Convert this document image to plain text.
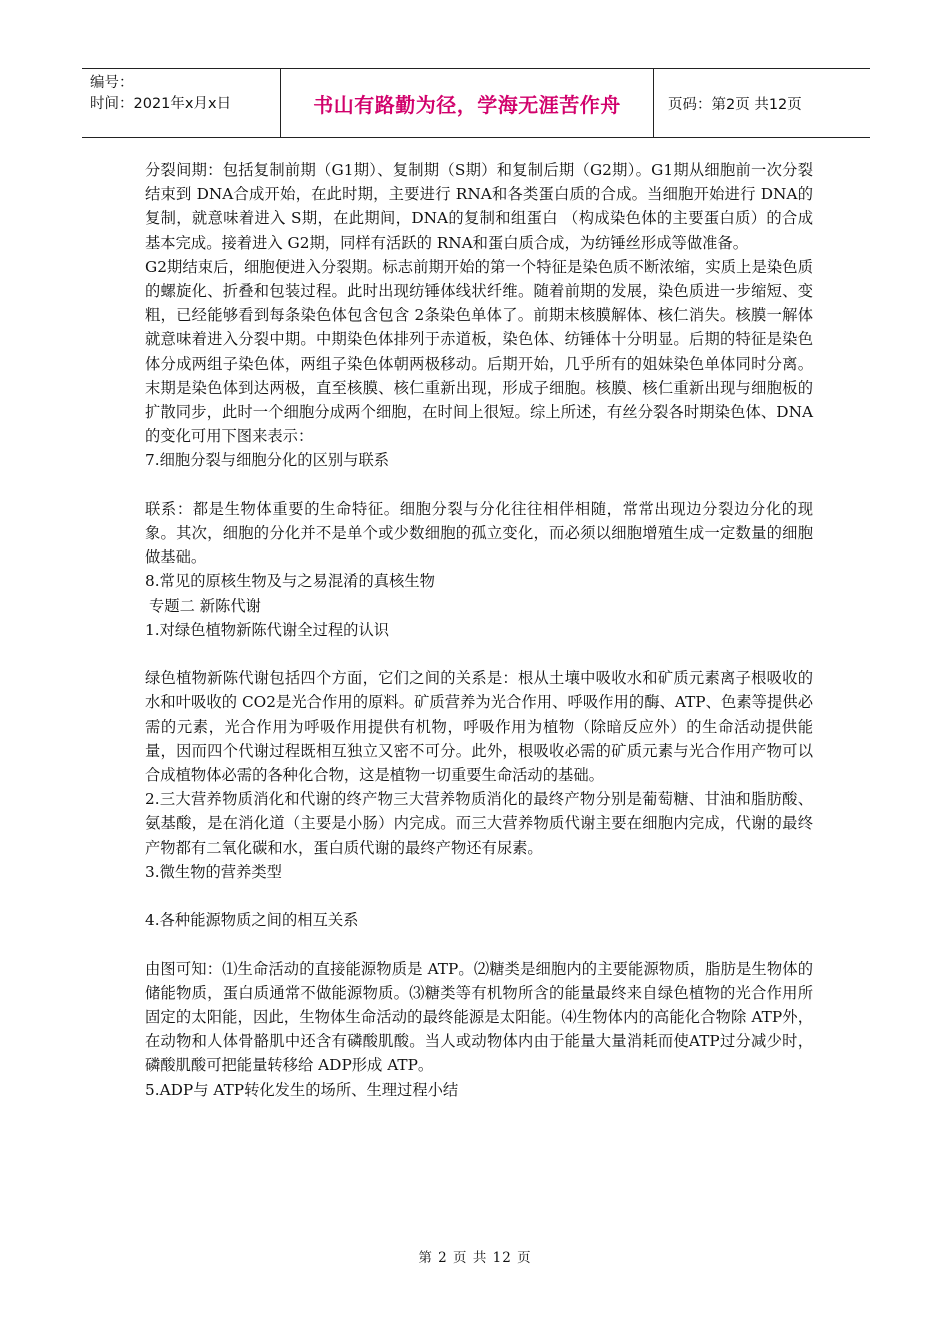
编号：
时间：2021年x月x日	书山有路勤为径，学海无涯苦作舟	页码：第2页 共12页

分裂间期：包括复制前期（G1期）、复制期（S期）和复制后期（G2期）。G1期从细胞前一次分裂结束到 DNA合成开始，在此时期，主要进行 RNA和各类蛋白质的合成。当细胞开始进行 DNA的复制，就意味着进入 S期，在此期间，DNA的复制和组蛋白 （构成染色体的主要蛋白质）的合成基本完成。接着进入 G2期，同样有活跃的 RNA和蛋白质合成，为纺锤丝形成等做准备。

G2期结束后，细胞便进入分裂期。标志前期开始的第一个特征是染色质不断浓缩，实质上是染色质的螺旋化、折叠和包装过程。此时出现纺锤体线状纤维。随着前期的发展，染色质进一步缩短、变粗，已经能够看到每条染色体包含包含 2条染色单体了。前期末核膜解体、核仁消失。核膜一解体就意味着进入分裂中期。中期染色体排列于赤道板，染色体、纺锤体十分明显。后期的特征是染色体分成两组子染色体，两组子染色体朝两极移动。后期开始，几乎所有的姐妹染色单体同时分离。末期是染色体到达两极，直至核膜、核仁重新出现，形成子细胞。核膜、核仁重新出现与细胞板的扩散同步，此时一个细胞分成两个细胞，在时间上很短。综上所述，有丝分裂各时期染色体、DNA的变化可用下图来表示：

7.细胞分裂与细胞分化的区别与联系

联系：都是生物体重要的生命特征。细胞分裂与分化往往相伴相随，常常出现边分裂边分化的现象。其次，细胞的分化并不是单个或少数细胞的孤立变化，而必须以细胞增殖生成一定数量的细胞做基础。

8.常见的原核生物及与之易混淆的真核生物

专题二 新陈代谢

1.对绿色植物新陈代谢全过程的认识

绿色植物新陈代谢包括四个方面，它们之间的关系是：根从土壤中吸收水和矿质元素离子根吸收的水和叶吸收的 CO2是光合作用的原料。矿质营养为光合作用、呼吸作用的酶、ATP、色素等提供必需的元素，光合作用为呼吸作用提供有机物，呼吸作用为植物（除暗反应外）的生命活动提供能量，因而四个代谢过程既相互独立又密不可分。此外，根吸收必需的矿质元素与光合作用产物可以合成植物体必需的各种化合物，这是植物一切重要生命活动的基础。

2.三大营养物质消化和代谢的终产物三大营养物质消化的最终产物分别是葡萄糖、甘油和脂肪酸、氨基酸，是在消化道（主要是小肠）内完成。而三大营养物质代谢主要在细胞内完成，代谢的最终产物都有二氧化碳和水，蛋白质代谢的最终产物还有尿素。

3.微生物的营养类型

4.各种能源物质之间的相互关系

由图可知：⑴生命活动的直接能源物质是 ATP。⑵糖类是细胞内的主要能源物质，脂肪是生物体的储能物质，蛋白质通常不做能源物质。⑶糖类等有机物所含的能量最终来自绿色植物的光合作用所固定的太阳能，因此，生物体生命活动的最终能源是太阳能。⑷生物体内的高能化合物除 ATP外，在动物和人体骨骼肌中还含有磷酸肌酸。当人或动物体内由于能量大量消耗而使ATP过分减少时，磷酸肌酸可把能量转移给 ADP形成 ATP。

5.ADP与 ATP转化发生的场所、生理过程小结

第 2 页 共 12 页
